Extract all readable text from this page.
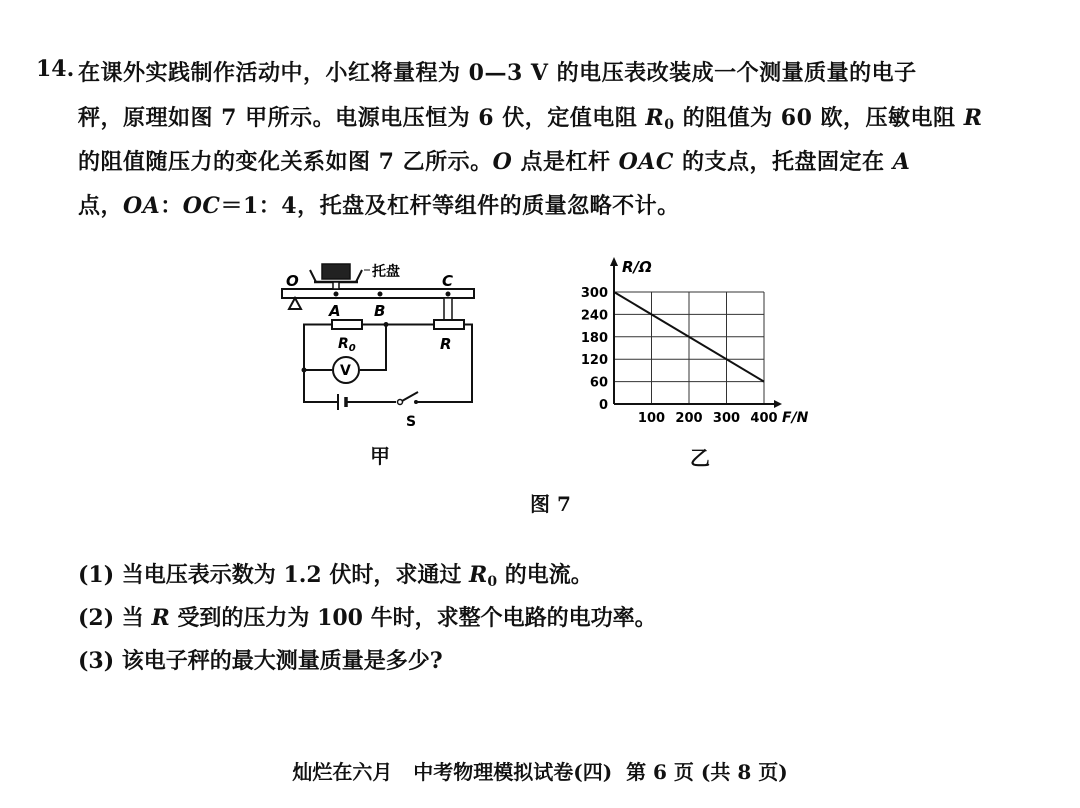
14. 在课外实践制作活动中，小红将量程为 0—3 V 的电压表改装成一个测量质量的电子
秤，原理如图 7 甲所示。电源电压恒为 6 伏，定值电阻 $R_0$ 的阻值为 60 欧，压敏电阻 R
的阻值随压力的变化关系如图 7 乙所示。O 点是杠杆 OAC 的支点，托盘固定在 A
点，OA：OC＝1：4，托盘及杠杆等组件的质量忽略不计。
托盘
O	C
A B
R
$R_0$
V
S
甲
0
60
120
180
240
300
100 200 300 400
R/Ω
F/N
乙
图 7
(1) 当电压表示数为 1.2 伏时，求通过 $R_0$ 的电流。
(2) 当 R 受到的压力为 100 牛时，求整个电路的电功率。
(3) 该电子秤的最大测量质量是多少?
灿烂在六月   中考物理模拟试卷(四)  第 6 页 (共 8 页)
